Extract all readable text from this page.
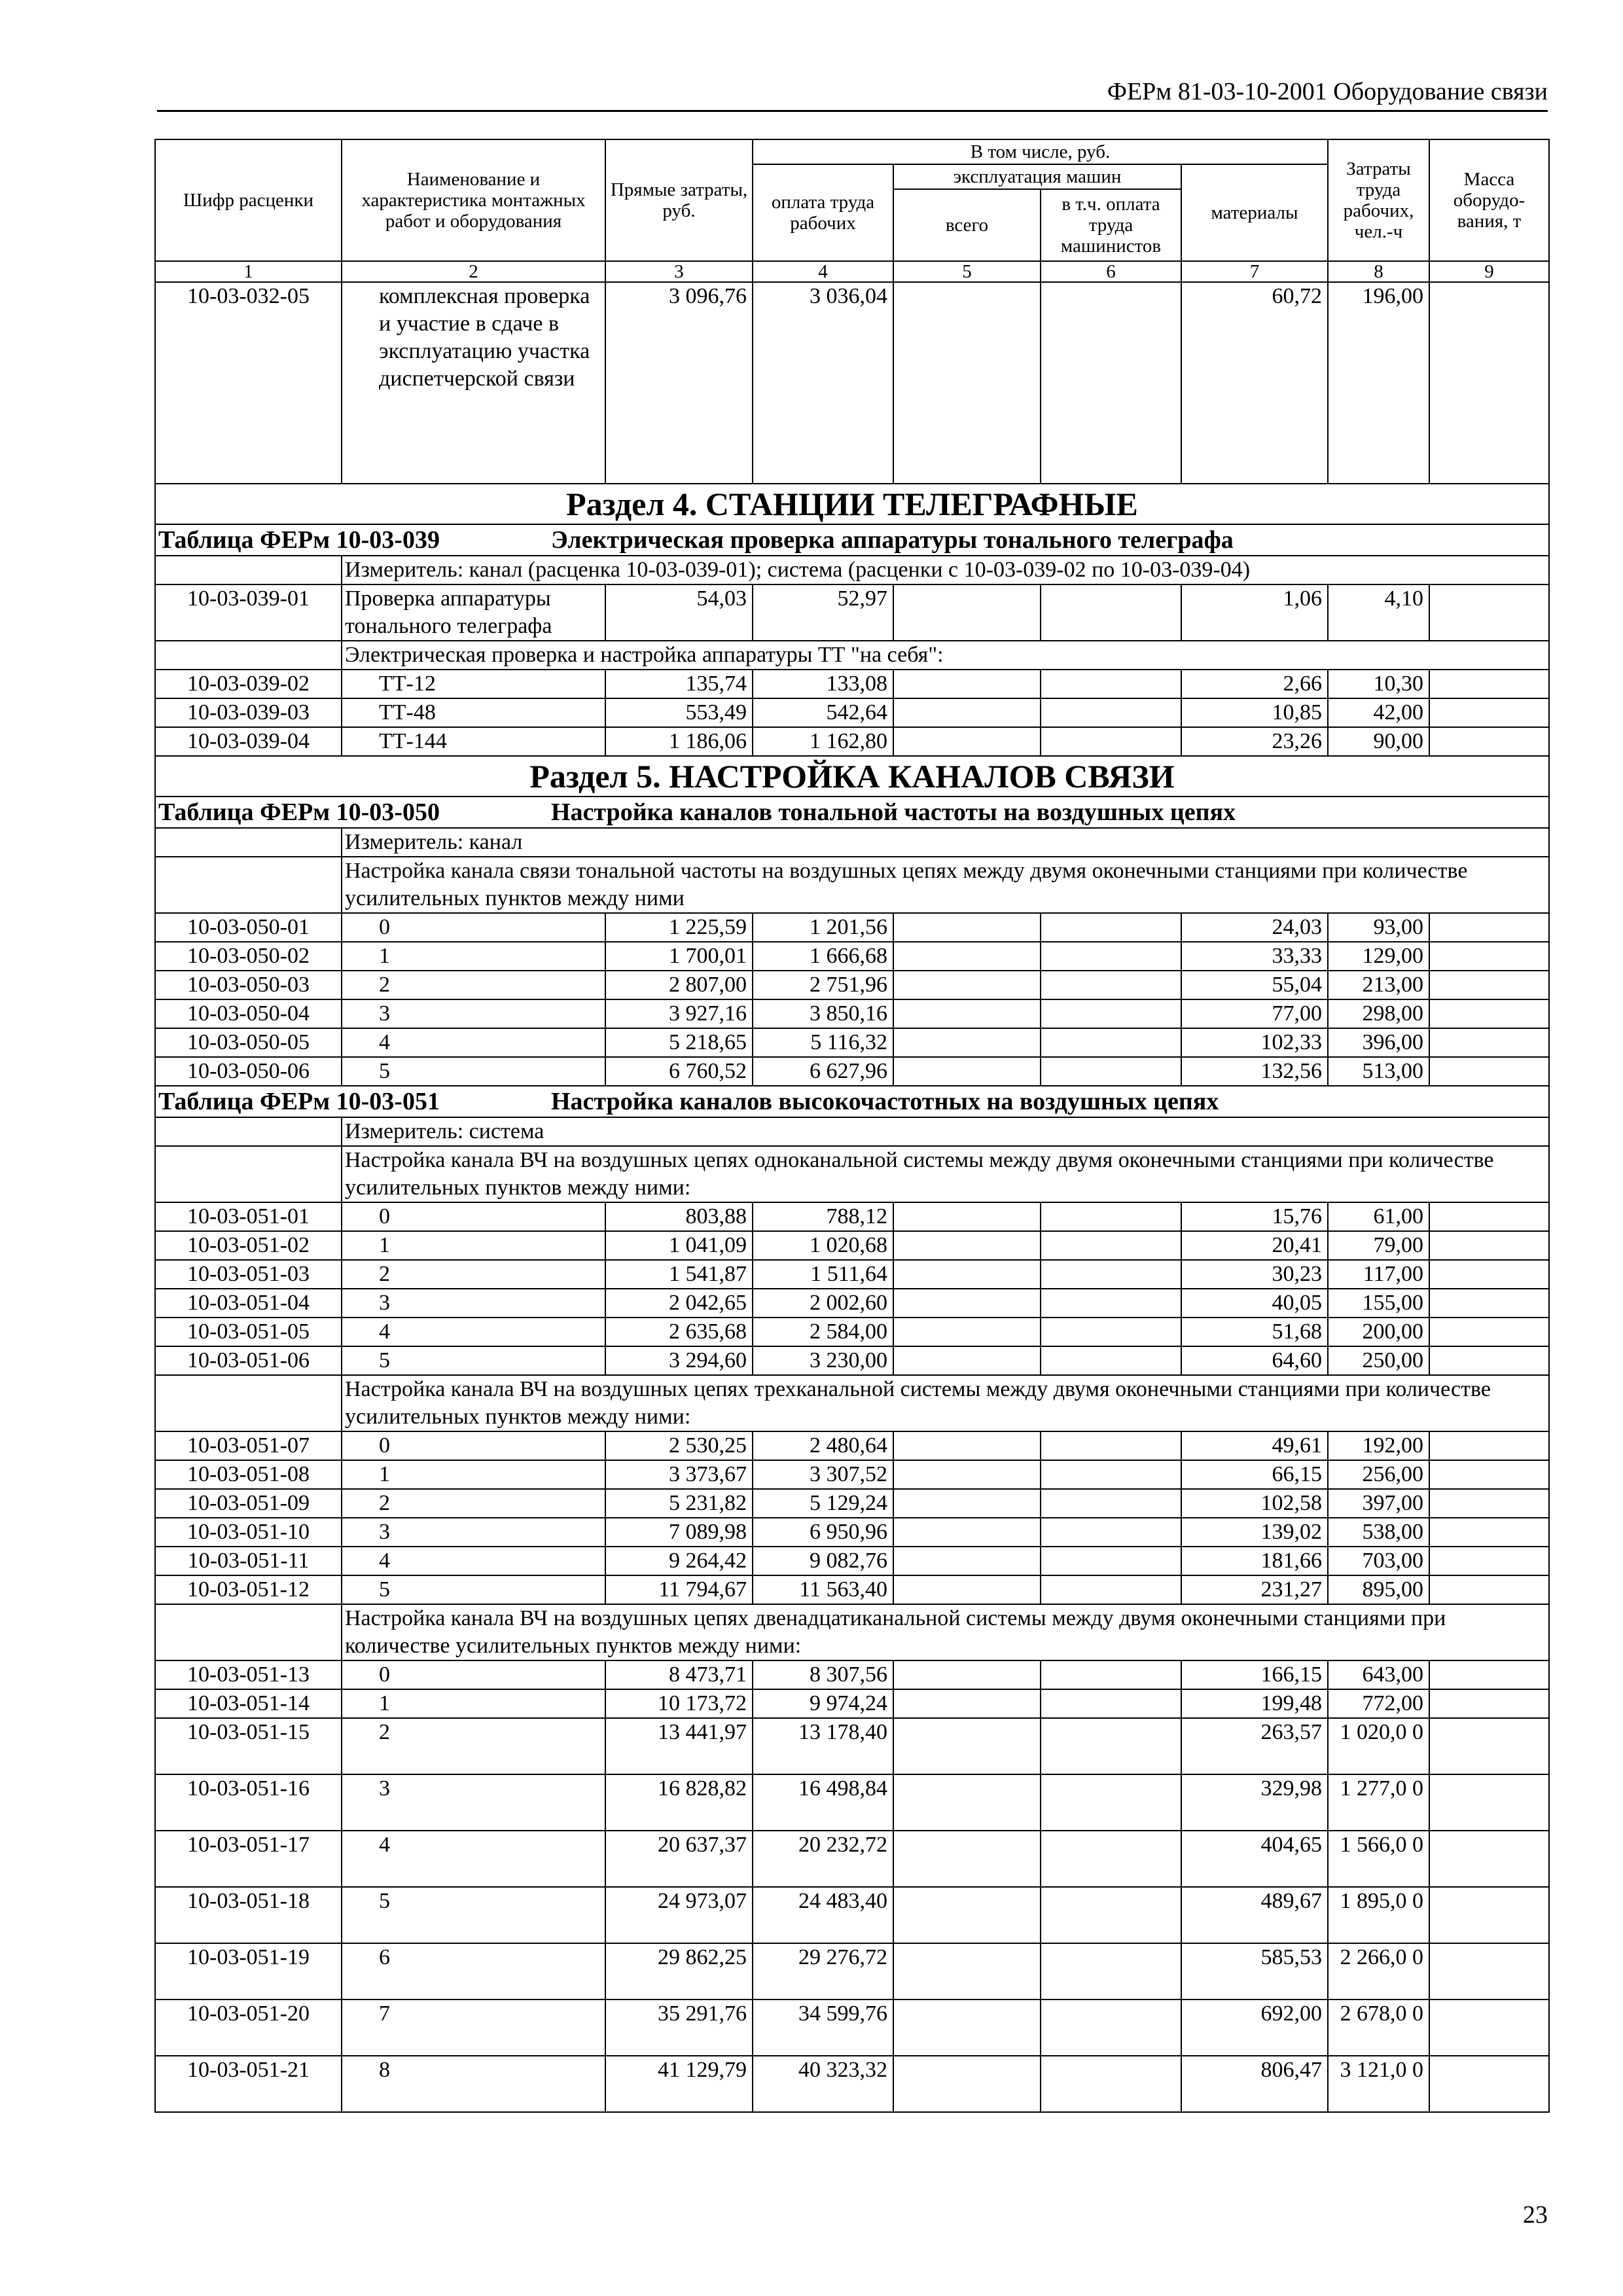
ФЕРм 81-03-10-2001 Оборудование связи
Шифр расценки	Наименование и характеристика монтажных работ и оборудования	Прямые затраты, руб.	В том числе, руб.				Затраты труда рабочих, чел.-ч	Масса оборудо-вания, т
			оплата труда рабочих	эксплуатация машин		материалы		
				всего	в т.ч. оплата труда машинистов			
1	2	3	4	5	6	7	8	9
10-03-032-05	комплексная проверка и участие в сдаче в эксплуатацию участка диспетчерской связи	3 096,76	3 036,04			60,72	196,00	
Раздел 4. СТАНЦИИ ТЕЛЕГРАФНЫЕ								

Таблица ФЕРм 10-03-039 Электрическая проверка аппаратуры тонального телеграфа								

	Измеритель: канал (расценка 10-03-039-01); система (расценки с 10-03-039-02 по 10-03-039-04)							
10-03-039-01	Проверка аппаратуры тонального телеграфа	54,03	52,97			1,06	4,10	
	Электрическая проверка и настройка аппаратуры ТТ "на себя":							
10-03-039-02	ТТ-12	135,74	133,08			2,66	10,30	
10-03-039-03	ТТ-48	553,49	542,64			10,85	42,00	
10-03-039-04	ТТ-144	1 186,06	1 162,80			23,26	90,00	
Раздел 5. НАСТРОЙКА КАНАЛОВ СВЯЗИ								

Таблица ФЕРм 10-03-050 Настройка каналов тональной частоты на воздушных цепях								

	Измеритель: канал							
	Настройка канала связи тональной частоты на воздушных цепях между двумя оконечными станциями при количестве усилительных пунктов между ними							
10-03-050-01	0	1 225,59	1 201,56			24,03	93,00	
10-03-050-02	1	1 700,01	1 666,68			33,33	129,00	
10-03-050-03	2	2 807,00	2 751,96			55,04	213,00	
10-03-050-04	3	3 927,16	3 850,16			77,00	298,00	
10-03-050-05	4	5 218,65	5 116,32			102,33	396,00	
10-03-050-06	5	6 760,52	6 627,96			132,56	513,00	

Таблица ФЕРм 10-03-051 Настройка каналов высокочастотных на воздушных цепях								

	Измеритель: система							
	Настройка канала ВЧ на воздушных цепях одноканальной системы между двумя оконечными станциями при количестве усилительных пунктов между ними:							
10-03-051-01	0	803,88	788,12			15,76	61,00	
10-03-051-02	1	1 041,09	1 020,68			20,41	79,00	
10-03-051-03	2	1 541,87	1 511,64			30,23	117,00	
10-03-051-04	3	2 042,65	2 002,60			40,05	155,00	
10-03-051-05	4	2 635,68	2 584,00			51,68	200,00	
10-03-051-06	5	3 294,60	3 230,00			64,60	250,00	
	Настройка канала ВЧ на воздушных цепях трехканальной системы между двумя оконечными станциями при количестве усилительных пунктов между ними:							
10-03-051-07	0	2 530,25	2 480,64			49,61	192,00	
10-03-051-08	1	3 373,67	3 307,52			66,15	256,00	
10-03-051-09	2	5 231,82	5 129,24			102,58	397,00	
10-03-051-10	3	7 089,98	6 950,96			139,02	538,00	
10-03-051-11	4	9 264,42	9 082,76			181,66	703,00	
10-03-051-12	5	11 794,67	11 563,40			231,27	895,00	
	Настройка канала ВЧ на воздушных цепях двенадцатиканальной системы между двумя оконечными станциями при количестве усилительных пунктов между ними:							
10-03-051-13	0	8 473,71	8 307,56			166,15	643,00	
10-03-051-14	1	10 173,72	9 974,24			199,48	772,00	
10-03-051-15	2	13 441,97	13 178,40			263,57	1 020,0 0	
10-03-051-16	3	16 828,82	16 498,84			329,98	1 277,0 0	
10-03-051-17	4	20 637,37	20 232,72			404,65	1 566,0 0	
10-03-051-18	5	24 973,07	24 483,40			489,67	1 895,0 0	
10-03-051-19	6	29 862,25	29 276,72			585,53	2 266,0 0	
10-03-051-20	7	35 291,76	34 599,76			692,00	2 678,0 0	
10-03-051-21	8	41 129,79	40 323,32			806,47	3 121,0 0	
23
